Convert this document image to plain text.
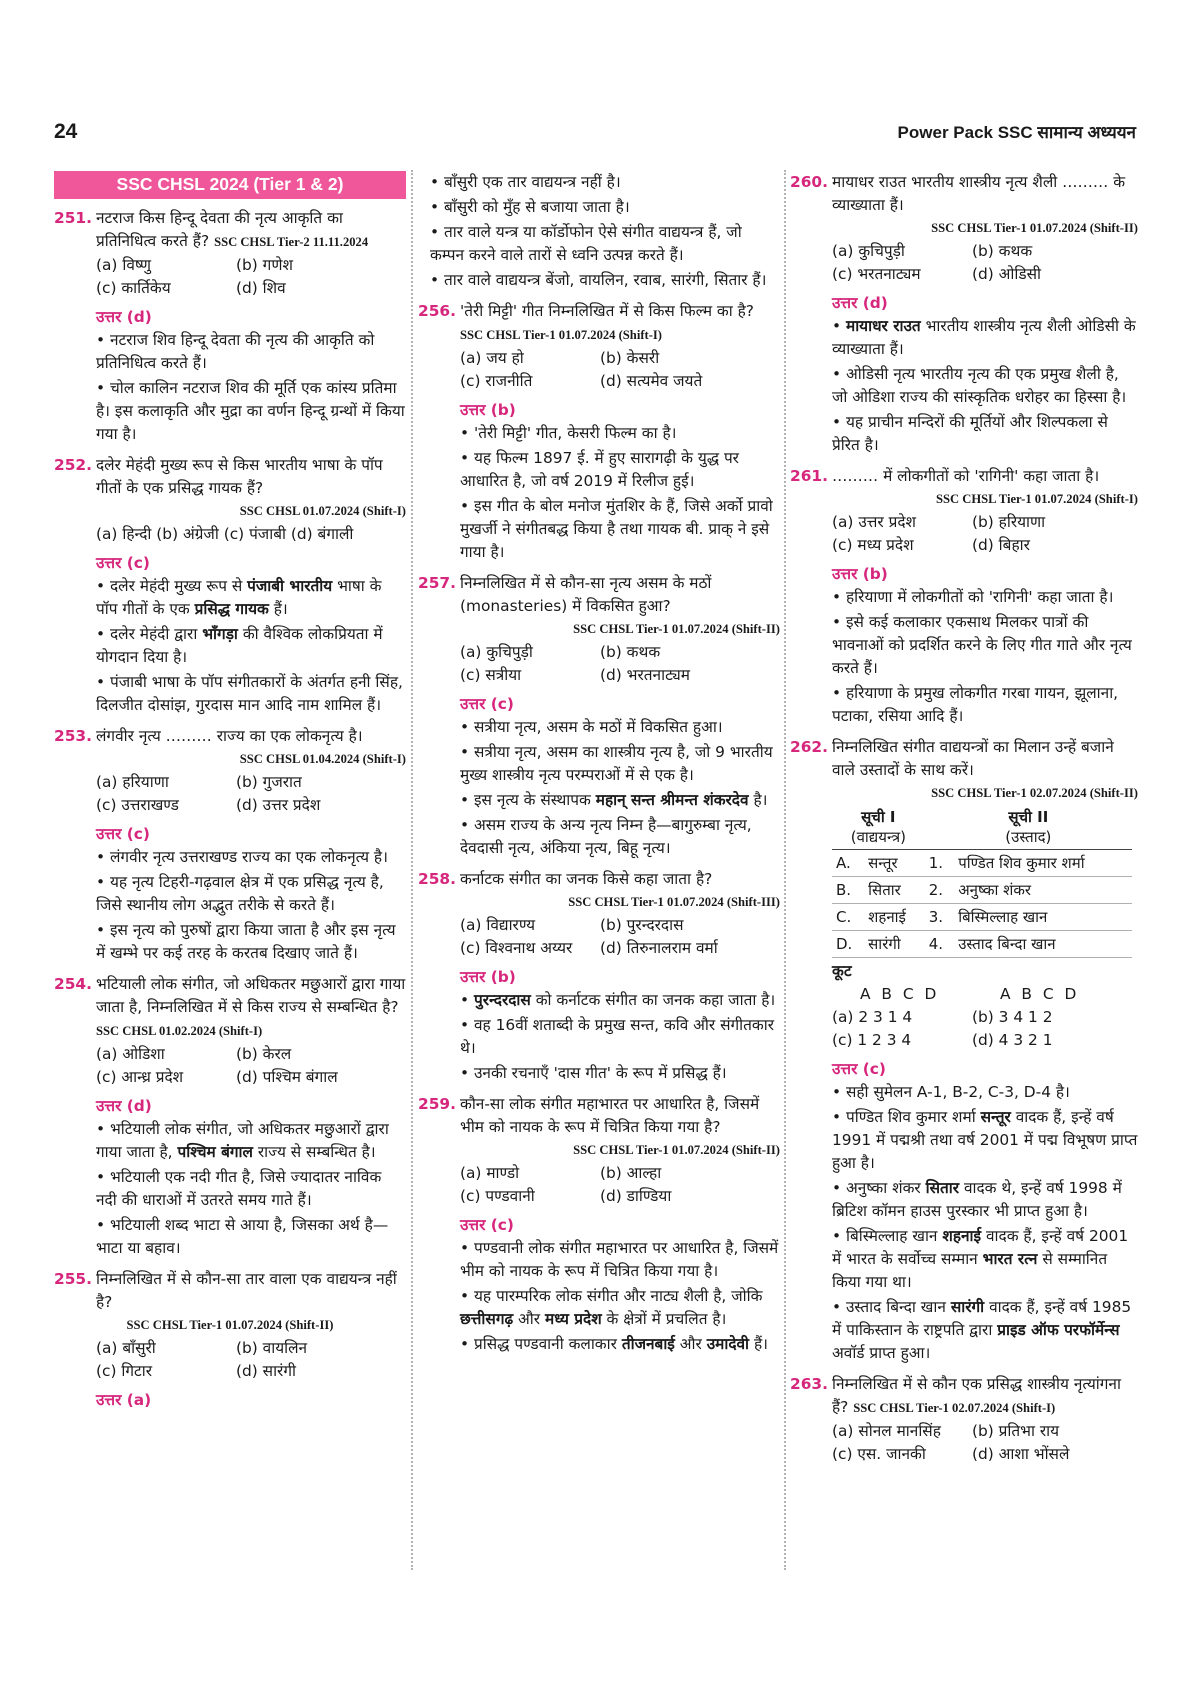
24	Power Pack SSC सामान्य अध्ययन
SSC CHSL 2024 (Tier 1 & 2)
251. नटराज किस हिन्दू देवता की नृत्य आकृति का प्रतिनिधित्व करते हैं? SSC CHSL Tier-2 11.11.2024
(a) विष्णु	(b) गणेश
(c) कार्तिकेय	(d) शिव
उत्तर (d)

• नटराज शिव हिन्दू देवता की नृत्य की आकृति को प्रतिनिधित्व करते हैं।

• चोल कालिन नटराज शिव की मूर्ति एक कांस्य प्रतिमा है। इस कलाकृति और मुद्रा का वर्णन हिन्दू ग्रन्थों में किया गया है।

252. दलेर मेहंदी मुख्य रूप से किस भारतीय भाषा के पॉप गीतों के एक प्रसिद्ध गायक हैं?
SSC CHSL 01.07.2024 (Shift-I)
(a) हिन्दी (b) अंग्रेजी (c) पंजाबी (d) बंगाली
उत्तर (c)

• दलेर मेहंदी मुख्य रूप से पंजाबी भारतीय भाषा के पॉप गीतों के एक प्रसिद्ध गायक हैं।

• दलेर मेहंदी द्वारा भाँगड़ा की वैश्विक लोकप्रियता में योगदान दिया है।

• पंजाबी भाषा के पॉप संगीतकारों के अंतर्गत हनी सिंह, दिलजीत दोसांझ, गुरदास मान आदि नाम शामिल हैं।

253. लंगवीर नृत्य ……… राज्य का एक लोकनृत्य है।
SSC CHSL 01.04.2024 (Shift-I)
(a) हरियाणा	(b) गुजरात
(c) उत्तराखण्ड	(d) उत्तर प्रदेश
उत्तर (c)

• लंगवीर नृत्य उत्तराखण्ड राज्य का एक लोकनृत्य है।

• यह नृत्य टिहरी-गढ़वाल क्षेत्र में एक प्रसिद्ध नृत्य है, जिसे स्थानीय लोग अद्भुत तरीके से करते हैं।

• इस नृत्य को पुरुषों द्वारा किया जाता है और इस नृत्य में खम्भे पर कई तरह के करतब दिखाए जाते हैं।

254. भटियाली लोक संगीत, जो अधिकतर मछुआरों द्वारा गाया जाता है, निम्नलिखित में से किस राज्य से सम्बन्धित है? SSC CHSL 01.02.2024 (Shift-I)
(a) ओडिशा	(b) केरल
(c) आन्ध्र प्रदेश	(d) पश्चिम बंगाल
उत्तर (d)

• भटियाली लोक संगीत, जो अधिकतर मछुआरों द्वारा गाया जाता है, पश्चिम बंगाल राज्य से सम्बन्धित है।

• भटियाली एक नदी गीत है, जिसे ज्यादातर नाविक नदी की धाराओं में उतरते समय गाते हैं।

• भटियाली शब्द भाटा से आया है, जिसका अर्थ है— भाटा या बहाव।

255. निम्नलिखित में से कौन-सा तार वाला एक वाद्ययन्त्र नहीं है?
SSC CHSL Tier-1 01.07.2024 (Shift-II)
(a) बाँसुरी	(b) वायलिन
(c) गिटार	(d) सारंगी
उत्तर (a)

• बाँसुरी एक तार वाद्ययन्त्र नहीं है।

• बाँसुरी को मुँह से बजाया जाता है।

• तार वाले यन्त्र या कॉर्डोफोन ऐसे संगीत वाद्ययन्त्र हैं, जो कम्पन करने वाले तारों से ध्वनि उत्पन्न करते हैं।

• तार वाले वाद्ययन्त्र बेंजो, वायलिन, रवाब, सारंगी, सितार हैं।

256. 'तेरी मिट्टी' गीत निम्नलिखित में से किस फिल्म का है? SSC CHSL Tier-1 01.07.2024 (Shift-I)
(a) जय हो	(b) केसरी
(c) राजनीति	(d) सत्यमेव जयते
उत्तर (b)

• 'तेरी मिट्टी' गीत, केसरी फिल्म का है।

• यह फिल्म 1897 ई. में हुए सारागढ़ी के युद्ध पर आधारित है, जो वर्ष 2019 में रिलीज हुई।

• इस गीत के बोल मनोज मुंतशिर के हैं, जिसे अर्को प्रावो मुखर्जी ने संगीतबद्ध किया है तथा गायक बी. प्राक् ने इसे गाया है।

257. निम्नलिखित में से कौन-सा नृत्य असम के मठों (monasteries) में विकसित हुआ?
SSC CHSL Tier-1 01.07.2024 (Shift-II)
(a) कुचिपुड़ी	(b) कथक
(c) सत्रीया	(d) भरतनाट्यम
उत्तर (c)

• सत्रीया नृत्य, असम के मठों में विकसित हुआ।

• सत्रीया नृत्य, असम का शास्त्रीय नृत्य है, जो 9 भारतीय मुख्य शास्त्रीय नृत्य परम्पराओं में से एक है।

• इस नृत्य के संस्थापक महान् सन्त श्रीमन्त शंकरदेव है।

• असम राज्य के अन्य नृत्य निम्न है—बागुरुम्बा नृत्य, देवदासी नृत्य, अंकिया नृत्य, बिहू नृत्य।

258. कर्नाटक संगीत का जनक किसे कहा जाता है?
SSC CHSL Tier-1 01.07.2024 (Shift-III)
(a) विद्यारण्य	(b) पुरन्दरदास
(c) विश्वनाथ अय्यर	(d) तिरुनालराम वर्मा
उत्तर (b)

• पुरन्दरदास को कर्नाटक संगीत का जनक कहा जाता है।

• वह 16वीं शताब्दी के प्रमुख सन्त, कवि और संगीतकार थे।

• उनकी रचनाएँ 'दास गीत' के रूप में प्रसिद्ध हैं।

259. कौन-सा लोक संगीत महाभारत पर आधारित है, जिसमें भीम को नायक के रूप में चित्रित किया गया है?
SSC CHSL Tier-1 01.07.2024 (Shift-II)
(a) माण्डो	(b) आल्हा
(c) पण्डवानी	(d) डाण्डिया
उत्तर (c)

• पण्डवानी लोक संगीत महाभारत पर आधारित है, जिसमें भीम को नायक के रूप में चित्रित किया गया है।

• यह पारम्परिक लोक संगीत और नाट्य शैली है, जोकि छत्तीसगढ़ और मध्य प्रदेश के क्षेत्रों में प्रचलित है।

• प्रसिद्ध पण्डवानी कलाकार तीजनबाई और उमादेवी हैं।

260. मायाधर राउत भारतीय शास्त्रीय नृत्य शैली ……… के व्याख्याता हैं।
SSC CHSL Tier-1 01.07.2024 (Shift-II)
(a) कुचिपुड़ी	(b) कथक
(c) भरतनाट्यम	(d) ओडिसी
उत्तर (d)

• मायाधर राउत भारतीय शास्त्रीय नृत्य शैली ओडिसी के व्याख्याता हैं।

• ओडिसी नृत्य भारतीय नृत्य की एक प्रमुख शैली है, जो ओडिशा राज्य की सांस्कृतिक धरोहर का हिस्सा है।

• यह प्राचीन मन्दिरों की मूर्तियों और शिल्पकला से प्रेरित है।

261. ……… में लोकगीतों को 'रागिनी' कहा जाता है।
SSC CHSL Tier-1 01.07.2024 (Shift-I)
(a) उत्तर प्रदेश	(b) हरियाणा
(c) मध्य प्रदेश	(d) बिहार
उत्तर (b)

• हरियाणा में लोकगीतों को 'रागिनी' कहा जाता है।

• इसे कई कलाकार एकसाथ मिलकर पात्रों की भावनाओं को प्रदर्शित करने के लिए गीत गाते और नृत्य करते हैं।

• हरियाणा के प्रमुख लोकगीत गरबा गायन, झूलाना, पटाका, रसिया आदि हैं।

262. निम्नलिखित संगीत वाद्ययन्त्रों का मिलान उन्हें बजाने वाले उस्तादों के साथ करें।
SSC CHSL Tier-1 02.07.2024 (Shift-II)
सूची I
(वाद्ययन्त्र)		सूची II
(उस्ताद)	
A.	सन्तूर	1.	पण्डित शिव कुमार शर्मा
B.	सितार	2.	अनुष्का शंकर
C.	शहनाई	3.	बिस्मिल्लाह खान
D.	सारंगी	4.	उस्ताद बिन्दा खान
कूट
A B C D	A B C D
(a) 2 3 1 4	(b) 3 4 1 2
(c) 1 2 3 4	(d) 4 3 2 1
उत्तर (c)

• सही सुमेलन A-1, B-2, C-3, D-4 है।

• पण्डित शिव कुमार शर्मा सन्तूर वादक हैं, इन्हें वर्ष 1991 में पद्मश्री तथा वर्ष 2001 में पद्म विभूषण प्राप्त हुआ है।

• अनुष्का शंकर सितार वादक थे, इन्हें वर्ष 1998 में ब्रिटिश कॉमन हाउस पुरस्कार भी प्राप्त हुआ है।

• बिस्मिल्लाह खान शहनाई वादक हैं, इन्हें वर्ष 2001 में भारत के सर्वोच्च सम्मान भारत रत्न से सम्मानित किया गया था।

• उस्ताद बिन्दा खान सारंगी वादक हैं, इन्हें वर्ष 1985 में पाकिस्तान के राष्ट्रपति द्वारा प्राइड ऑफ परफॉर्मेन्स अवॉर्ड प्राप्त हुआ।

263. निम्नलिखित में से कौन एक प्रसिद्ध शास्त्रीय नृत्यांगना हैं? SSC CHSL Tier-1 02.07.2024 (Shift-I)
(a) सोनल मानसिंह	(b) प्रतिभा राय
(c) एस. जानकी	(d) आशा भोंसले
